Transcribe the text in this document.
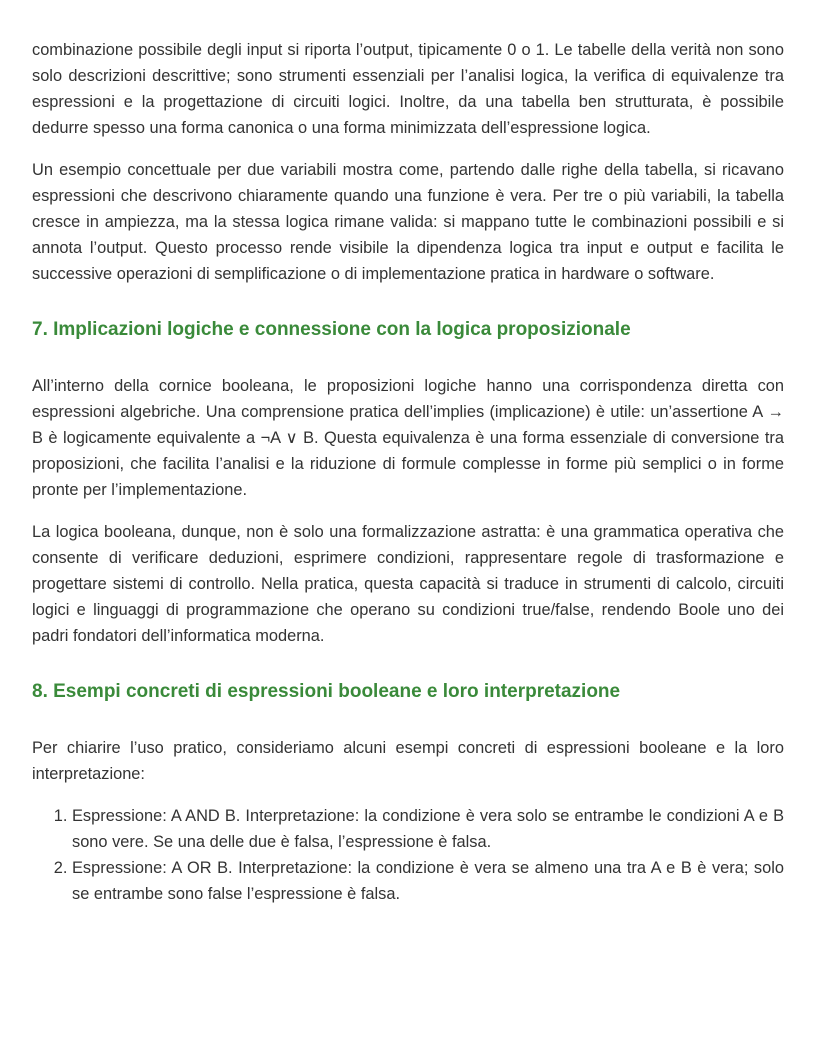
combinazione possibile degli input si riporta l’output, tipicamente 0 o 1. Le tabelle della verità non sono solo descrizioni descrittive; sono strumenti essenziali per l’analisi logica, la verifica di equivalenze tra espressioni e la progettazione di circuiti logici. Inoltre, da una tabella ben strutturata, è possibile dedurre spesso una forma canonica o una forma minimizzata dell’espressione logica.

Un esempio concettuale per due variabili mostra come, partendo dalle righe della tabella, si ricavano espressioni che descrivono chiaramente quando una funzione è vera. Per tre o più variabili, la tabella cresce in ampiezza, ma la stessa logica rimane valida: si mappano tutte le combinazioni possibili e si annota l’output. Questo processo rende visibile la dipendenza logica tra input e output e facilita le successive operazioni di semplificazione o di implementazione pratica in hardware o software.

7. Implicazioni logiche e connessione con la logica proposizionale

All’interno della cornice booleana, le proposizioni logiche hanno una corrispondenza diretta con espressioni algebriche. Una comprensione pratica dell’implies (implicazione) è utile: un’assertione A → B è logicamente equivalente a ¬A ∨ B. Questa equivalenza è una forma essenziale di conversione tra proposizioni, che facilita l’analisi e la riduzione di formule complesse in forme più semplici o in forme pronte per l’implementazione.

La logica booleana, dunque, non è solo una formalizzazione astratta: è una grammatica operativa che consente di verificare deduzioni, esprimere condizioni, rappresentare regole di trasformazione e progettare sistemi di controllo. Nella pratica, questa capacità si traduce in strumenti di calcolo, circuiti logici e linguaggi di programmazione che operano su condizioni true/false, rendendo Boole uno dei padri fondatori dell’informatica moderna.

8. Esempi concreti di espressioni booleane e loro interpretazione

Per chiarire l’uso pratico, consideriamo alcuni esempi concreti di espressioni booleane e la loro interpretazione:

1. Espressione: A AND B. Interpretazione: la condizione è vera solo se entrambe le condizioni A e B sono vere. Se una delle due è falsa, l’espressione è falsa.
2. Espressione: A OR B. Interpretazione: la condizione è vera se almeno una tra A e B è vera; solo se entrambe sono false l’espressione è falsa.
